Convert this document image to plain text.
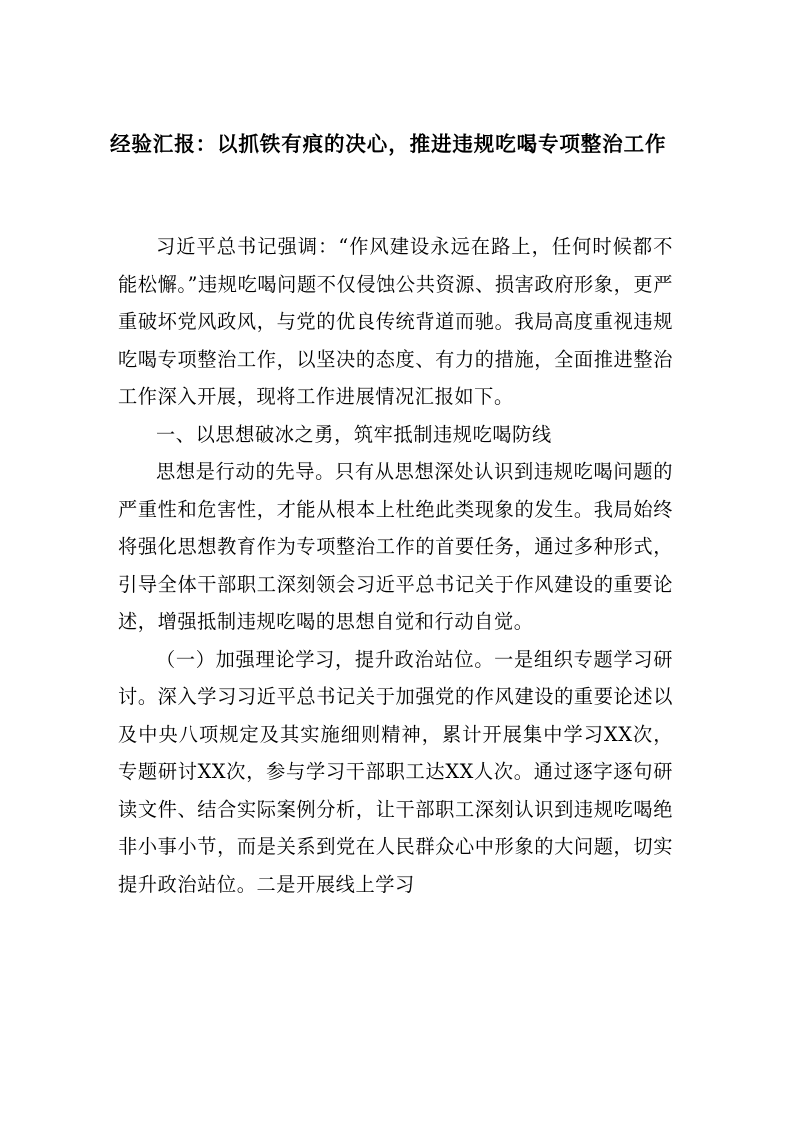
经验汇报：以抓铁有痕的决心，推进违规吃喝专项整治工作

习近平总书记强调：“作风建设永远在路上，任何时候都不能松懈。”违规吃喝问题不仅侵蚀公共资源、损害政府形象，更严重破坏党风政风，与党的优良传统背道而驰。我局高度重视违规吃喝专项整治工作，以坚决的态度、有力的措施，全面推进整治工作深入开展，现将工作进展情况汇报如下。

一、以思想破冰之勇，筑牢抵制违规吃喝防线

思想是行动的先导。只有从思想深处认识到违规吃喝问题的严重性和危害性，才能从根本上杜绝此类现象的发生。我局始终将强化思想教育作为专项整治工作的首要任务，通过多种形式，引导全体干部职工深刻领会习近平总书记关于作风建设的重要论述，增强抵制违规吃喝的思想自觉和行动自觉。

（一）加强理论学习，提升政治站位。一是组织专题学习研讨。深入学习习近平总书记关于加强党的作风建设的重要论述以及中央八项规定及其实施细则精神，累计开展集中学习XX次，专题研讨XX次，参与学习干部职工达XX人次。通过逐字逐句研读文件、结合实际案例分析，让干部职工深刻认识到违规吃喝绝非小事小节，而是关系到党在人民群众心中形象的大问题，切实提升政治站位。二是开展线上学习
